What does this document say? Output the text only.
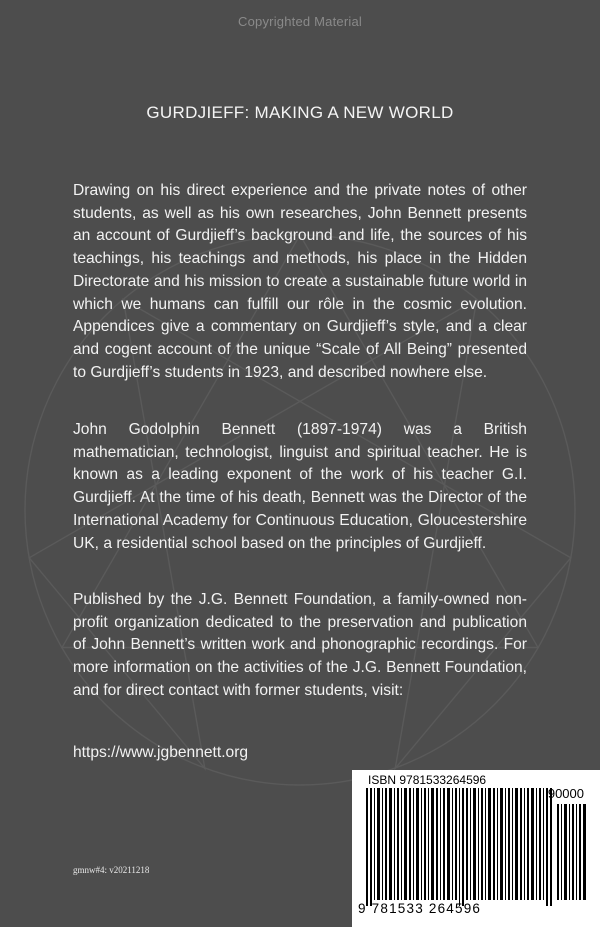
Copyrighted Material
GURDJIEFF: MAKING A NEW WORLD

Drawing on his direct experience and the private notes of other students, as well as his own researches, John Bennett presents an account of Gurdjieff’s background and life, the sources of his teachings, his teachings and methods, his place in the Hidden Directorate and his mission to create a sustainable future world in which we humans can fulfill our rôle in the cosmic evolution. Appendices give a commentary on Gurdjieff’s style, and a clear and cogent account of the unique “Scale of All Being” presented to Gurdjieff’s students in 1923, and described nowhere else.

John Godolphin Bennett (1897-1974) was a British mathematician, technologist, linguist and spiritual teacher. He is known as a leading exponent of the work of his teacher G.I. Gurdjieff. At the time of his death, Bennett was the Director of the International Academy for Continuous Education, Gloucestershire UK, a residential school based on the principles of Gurdjieff.

Published by the J.G. Bennett Foundation, a family-owned non-profit organization dedicated to the preservation and publication of John Bennett’s written work and phonographic recordings. For more information on the activities of the J.G. Bennett Foundation, and for direct contact with former students, visit:

https://www.jgbennett.org
gmnw#4: v20211218
ISBN 9781533264596
90000
9 781533 264596
